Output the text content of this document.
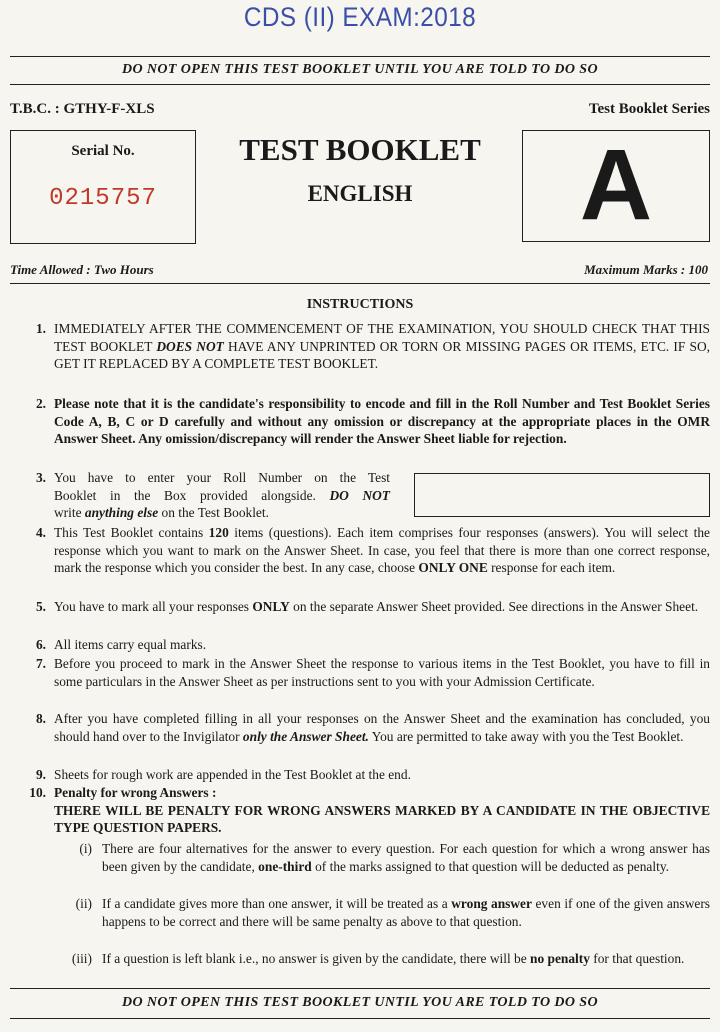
CDS (II) EXAM:2018
DO NOT OPEN THIS TEST BOOKLET UNTIL YOU ARE TOLD TO DO SO
T.B.C. : GTHY-F-XLS	Test Booklet Series
Serial No.
0215757
TEST BOOKLET
ENGLISH	A
Time Allowed : Two Hours	Maximum Marks : 100
INSTRUCTIONS
1. IMMEDIATELY AFTER THE COMMENCEMENT OF THE EXAMINATION, YOU SHOULD CHECK THAT THIS TEST BOOKLET DOES NOT HAVE ANY UNPRINTED OR TORN OR MISSING PAGES OR ITEMS, ETC. IF SO, GET IT REPLACED BY A COMPLETE TEST BOOKLET.
2. Please note that it is the candidate's responsibility to encode and fill in the Roll Number and Test Booklet Series Code A, B, C or D carefully and without any omission or discrepancy at the appropriate places in the OMR Answer Sheet. Any omission/discrepancy will render the Answer Sheet liable for rejection.
3. You have to enter your Roll Number on the Test
Booklet in the Box provided alongside. DO NOT
write anything else on the Test Booklet.
4. This Test Booklet contains 120 items (questions). Each item comprises four responses (answers). You will select the response which you want to mark on the Answer Sheet. In case, you feel that there is more than one correct response, mark the response which you consider the best. In any case, choose ONLY ONE response for each item.
5. You have to mark all your responses ONLY on the separate Answer Sheet provided. See directions in the Answer Sheet.
6. All items carry equal marks.
7. Before you proceed to mark in the Answer Sheet the response to various items in the Test Booklet, you have to fill in some particulars in the Answer Sheet as per instructions sent to you with your Admission Certificate.
8. After you have completed filling in all your responses on the Answer Sheet and the examination has concluded, you should hand over to the Invigilator only the Answer Sheet. You are permitted to take away with you the Test Booklet.
9. Sheets for rough work are appended in the Test Booklet at the end.
10. Penalty for wrong Answers :
THERE WILL BE PENALTY FOR WRONG ANSWERS MARKED BY A CANDIDATE IN THE OBJECTIVE TYPE QUESTION PAPERS.
(i) There are four alternatives for the answer to every question. For each question for which a wrong answer has been given by the candidate, one-third of the marks assigned to that question will be deducted as penalty.
(ii) If a candidate gives more than one answer, it will be treated as a wrong answer even if one of the given answers happens to be correct and there will be same penalty as above to that question.
(iii) If a question is left blank i.e., no answer is given by the candidate, there will be no penalty for that question.
DO NOT OPEN THIS TEST BOOKLET UNTIL YOU ARE TOLD TO DO SO
